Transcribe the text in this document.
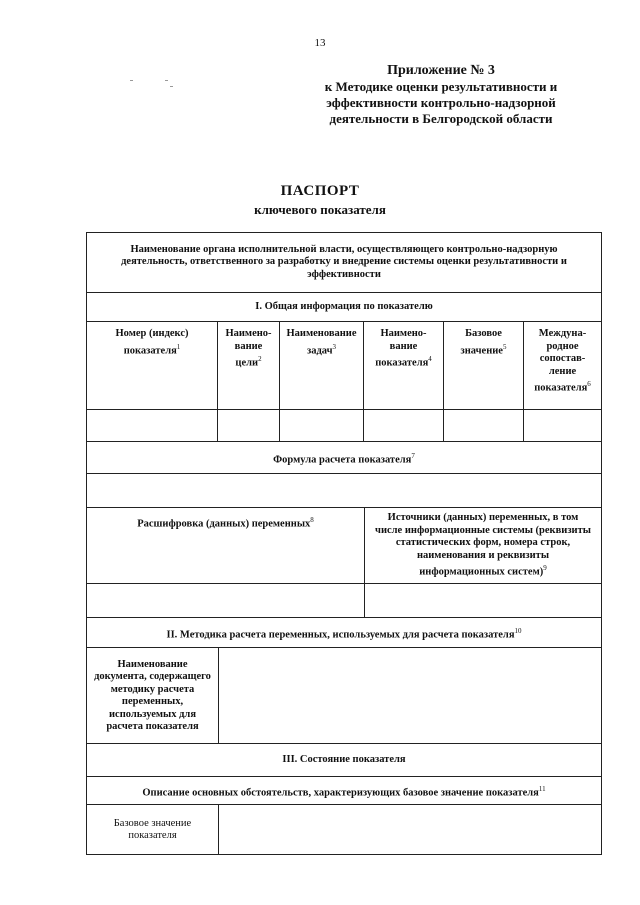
13
Приложение № 3
к Методике оценки результативности и
эффективности контрольно-надзорной
деятельности в Белгородской области
ПАСПОРТ
ключевого показателя
Наименование органа исполнительной власти, осуществляющего контрольно-надзорную деятельность, ответственного за разработку и внедрение системы оценки результативности и эффективности
I. Общая информация по показателю
Номер (индекс) показателя$^1$
Наимено-вание цели$^2$
Наименование задач$^3$
Наимено-вание показателя$^4$
Базовое значение$^5$
Междуна-родное сопостав-ление показателя$^6$
Формула расчета показателя$^7$
Расшифровка (данных) переменных$^8$	Источники (данных) переменных, в том числе информационные системы (реквизиты статистических форм, номера строк, наименования и реквизиты информационных систем)$^9$
II. Методика расчета переменных, используемых для расчета показателя$^{10}$
Наименование документа, содержащего методику расчета переменных, используемых для расчета показателя
III. Состояние показателя
Описание основных обстоятельств, характеризующих базовое значение показателя$^{11}$
Базовое значение показателя
